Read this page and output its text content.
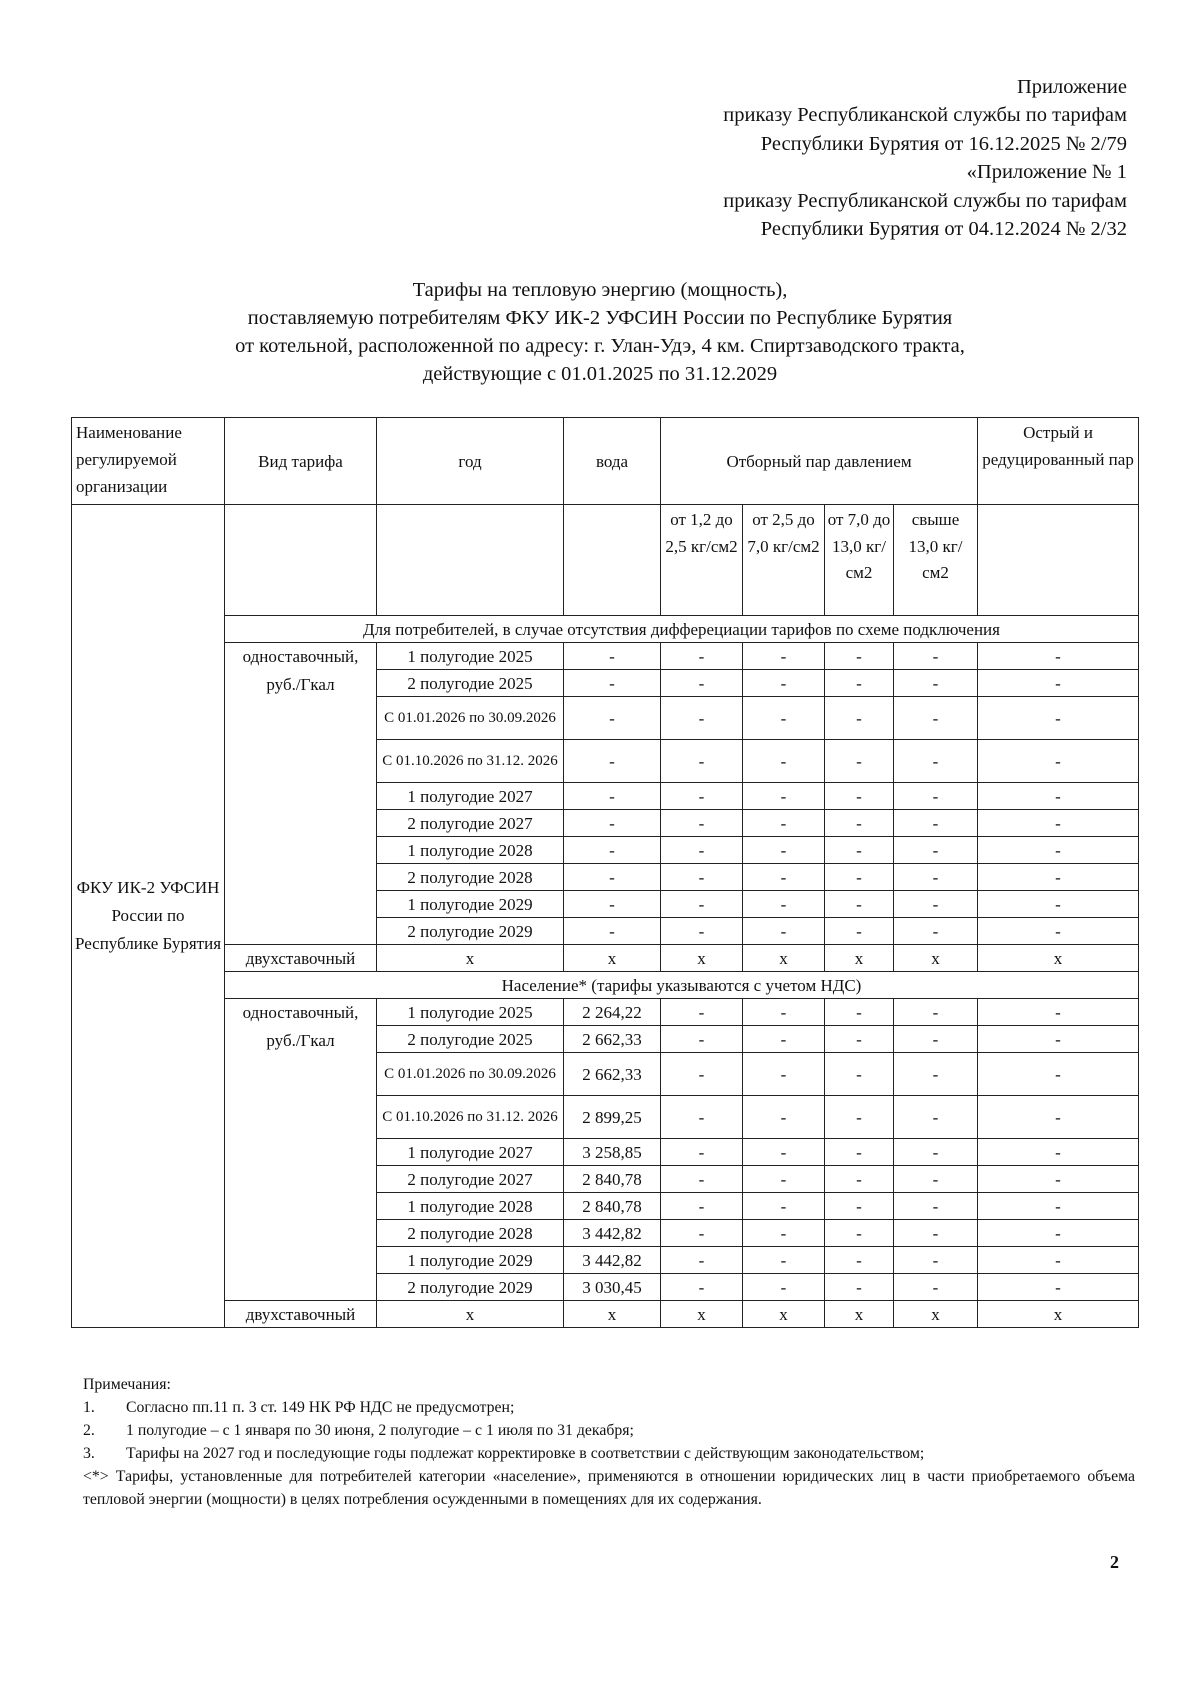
Приложение
приказу Республиканской службы по тарифам
Республики Бурятия от 16.12.2025 № 2/79
«Приложение № 1
приказу Республиканской службы по тарифам
Республики Бурятия от 04.12.2024 № 2/32
Тарифы на тепловую энергию (мощность),
поставляемую потребителям ФКУ ИК-2 УФСИН России по Республике Бурятия
от котельной, расположенной по адресу: г. Улан-Удэ, 4 км. Спиртзаводского тракта,
действующие с 01.01.2025 по 31.12.2029
Наименование регулируемой организации	Вид тарифа	год	вода	Отборный пар давлением				Острый и редуцированный пар
ФКУ ИК-2 УФСИН России по Республике Бурятия				от 1,2 до 2,5 кг/см2	от 2,5 до 7,0 кг/см2	от 7,0 до 13,0 кг/см2	свыше 13,0 кг/см2	
	Для потребителей, в случае отсутствия дифферециации тарифов по схеме подключения							
	одноставочный, руб./Гкал	1 полугодие 2025	-	-	-	-	-	-
		2 полугодие 2025	-	-	-	-	-	-
		С 01.01.2026 по 30.09.2026	-	-	-	-	-	-
		С 01.10.2026 по 31.12. 2026	-	-	-	-	-	-
		1 полугодие 2027	-	-	-	-	-	-
		2 полугодие 2027	-	-	-	-	-	-
		1 полугодие 2028	-	-	-	-	-	-
		2 полугодие 2028	-	-	-	-	-	-
		1 полугодие 2029	-	-	-	-	-	-
		2 полугодие 2029	-	-	-	-	-	-
	двухставочный	x	x	x	x	x	x	x
	Население* (тарифы указываются с учетом НДС)							
	одноставочный, руб./Гкал	1 полугодие 2025	2 264,22	-	-	-	-	-
		2 полугодие 2025	2 662,33	-	-	-	-	-
		С 01.01.2026 по 30.09.2026	2 662,33	-	-	-	-	-
		С 01.10.2026 по 31.12. 2026	2 899,25	-	-	-	-	-
		1 полугодие 2027	3 258,85	-	-	-	-	-
		2 полугодие 2027	2 840,78	-	-	-	-	-
		1 полугодие 2028	2 840,78	-	-	-	-	-
		2 полугодие 2028	3 442,82	-	-	-	-	-
		1 полугодие 2029	3 442,82	-	-	-	-	-
		2 полугодие 2029	3 030,45	-	-	-	-	-
	двухставочный	x	x	x	x	x	x	x
Примечания:
1.	Согласно пп.11 п. 3 ст. 149 НК РФ НДС не предусмотрен;
2.	1 полугодие – с 1 января по 30 июня, 2 полугодие – с 1 июля по 31 декабря;
3.	Тарифы на 2027 год и последующие годы подлежат корректировке в соответствии с действующим законодательством;
<*> Тарифы, установленные для потребителей категории «население», применяются в отношении юридических лиц в части приобретаемого объема тепловой энергии (мощности) в целях потребления осужденными в помещениях для их содержания.
2
